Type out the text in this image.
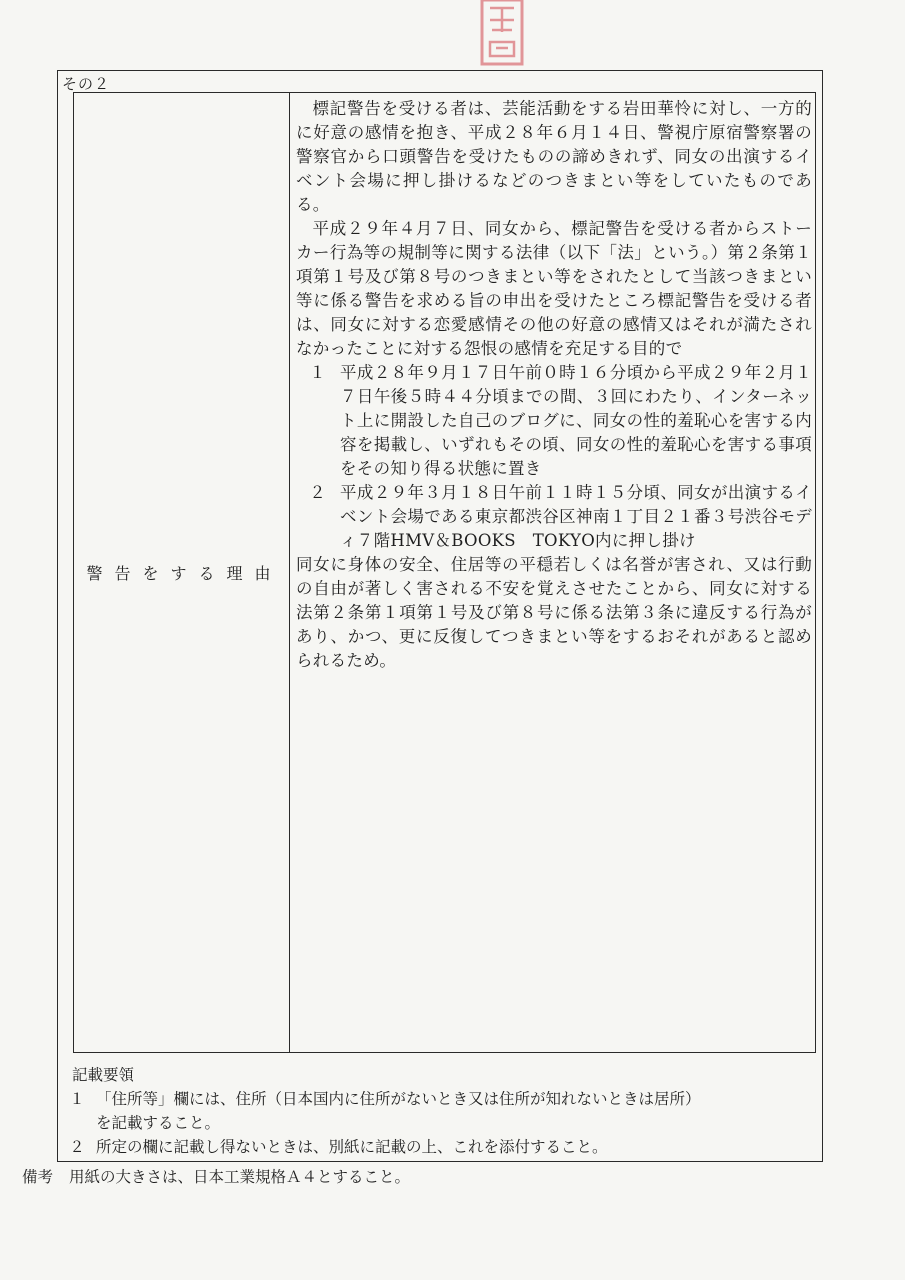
その２
警告をする理由

標記警告を受ける者は、芸能活動をする岩田華怜に対し、一方的に好意の感情を抱き、平成２８年６月１４日、警視庁原宿警察署の警察官から口頭警告を受けたものの諦めきれず、同女の出演するイベント会場に押し掛けるなどのつきまとい等をしていたものである。

平成２９年４月７日、同女から、標記警告を受ける者からストーカー行為等の規制等に関する法律（以下「法」という。）第２条第１項第１号及び第８号のつきまとい等をされたとして当該つきまとい等に係る警告を求める旨の申出を受けたところ標記警告を受ける者は、同女に対する恋愛感情その他の好意の感情又はそれが満たされなかったことに対する怨恨の感情を充足する目的で

１ 平成２８年９月１７日午前０時１６分頃から平成２９年２月１７日午後５時４４分頃までの間、３回にわたり、インターネット上に開設した自己のブログに、同女の性的羞恥心を害する内容を掲載し、いずれもその頃、同女の性的羞恥心を害する事項をその知り得る状態に置き
２ 平成２９年３月１８日午前１１時１５分頃、同女が出演するイベント会場である東京都渋谷区神南１丁目２１番３号渋谷モディ７階HMV＆BOOKS　TOKYO内に押し掛け

同女に身体の安全、住居等の平穏若しくは名誉が害され、又は行動の自由が著しく害される不安を覚えさせたことから、同女に対する法第２条第１項第１号及び第８号に係る法第３条に違反する行為があり、かつ、更に反復してつきまとい等をするおそれがあると認められるため。

記載要領
１ 「住所等」欄には、住所（日本国内に住所がないとき又は住所が知れないときは居所）
を記載すること。
２ 所定の欄に記載し得ないときは、別紙に記載の上、これを添付すること。
備考 用紙の大きさは、日本工業規格Ａ４とすること。
